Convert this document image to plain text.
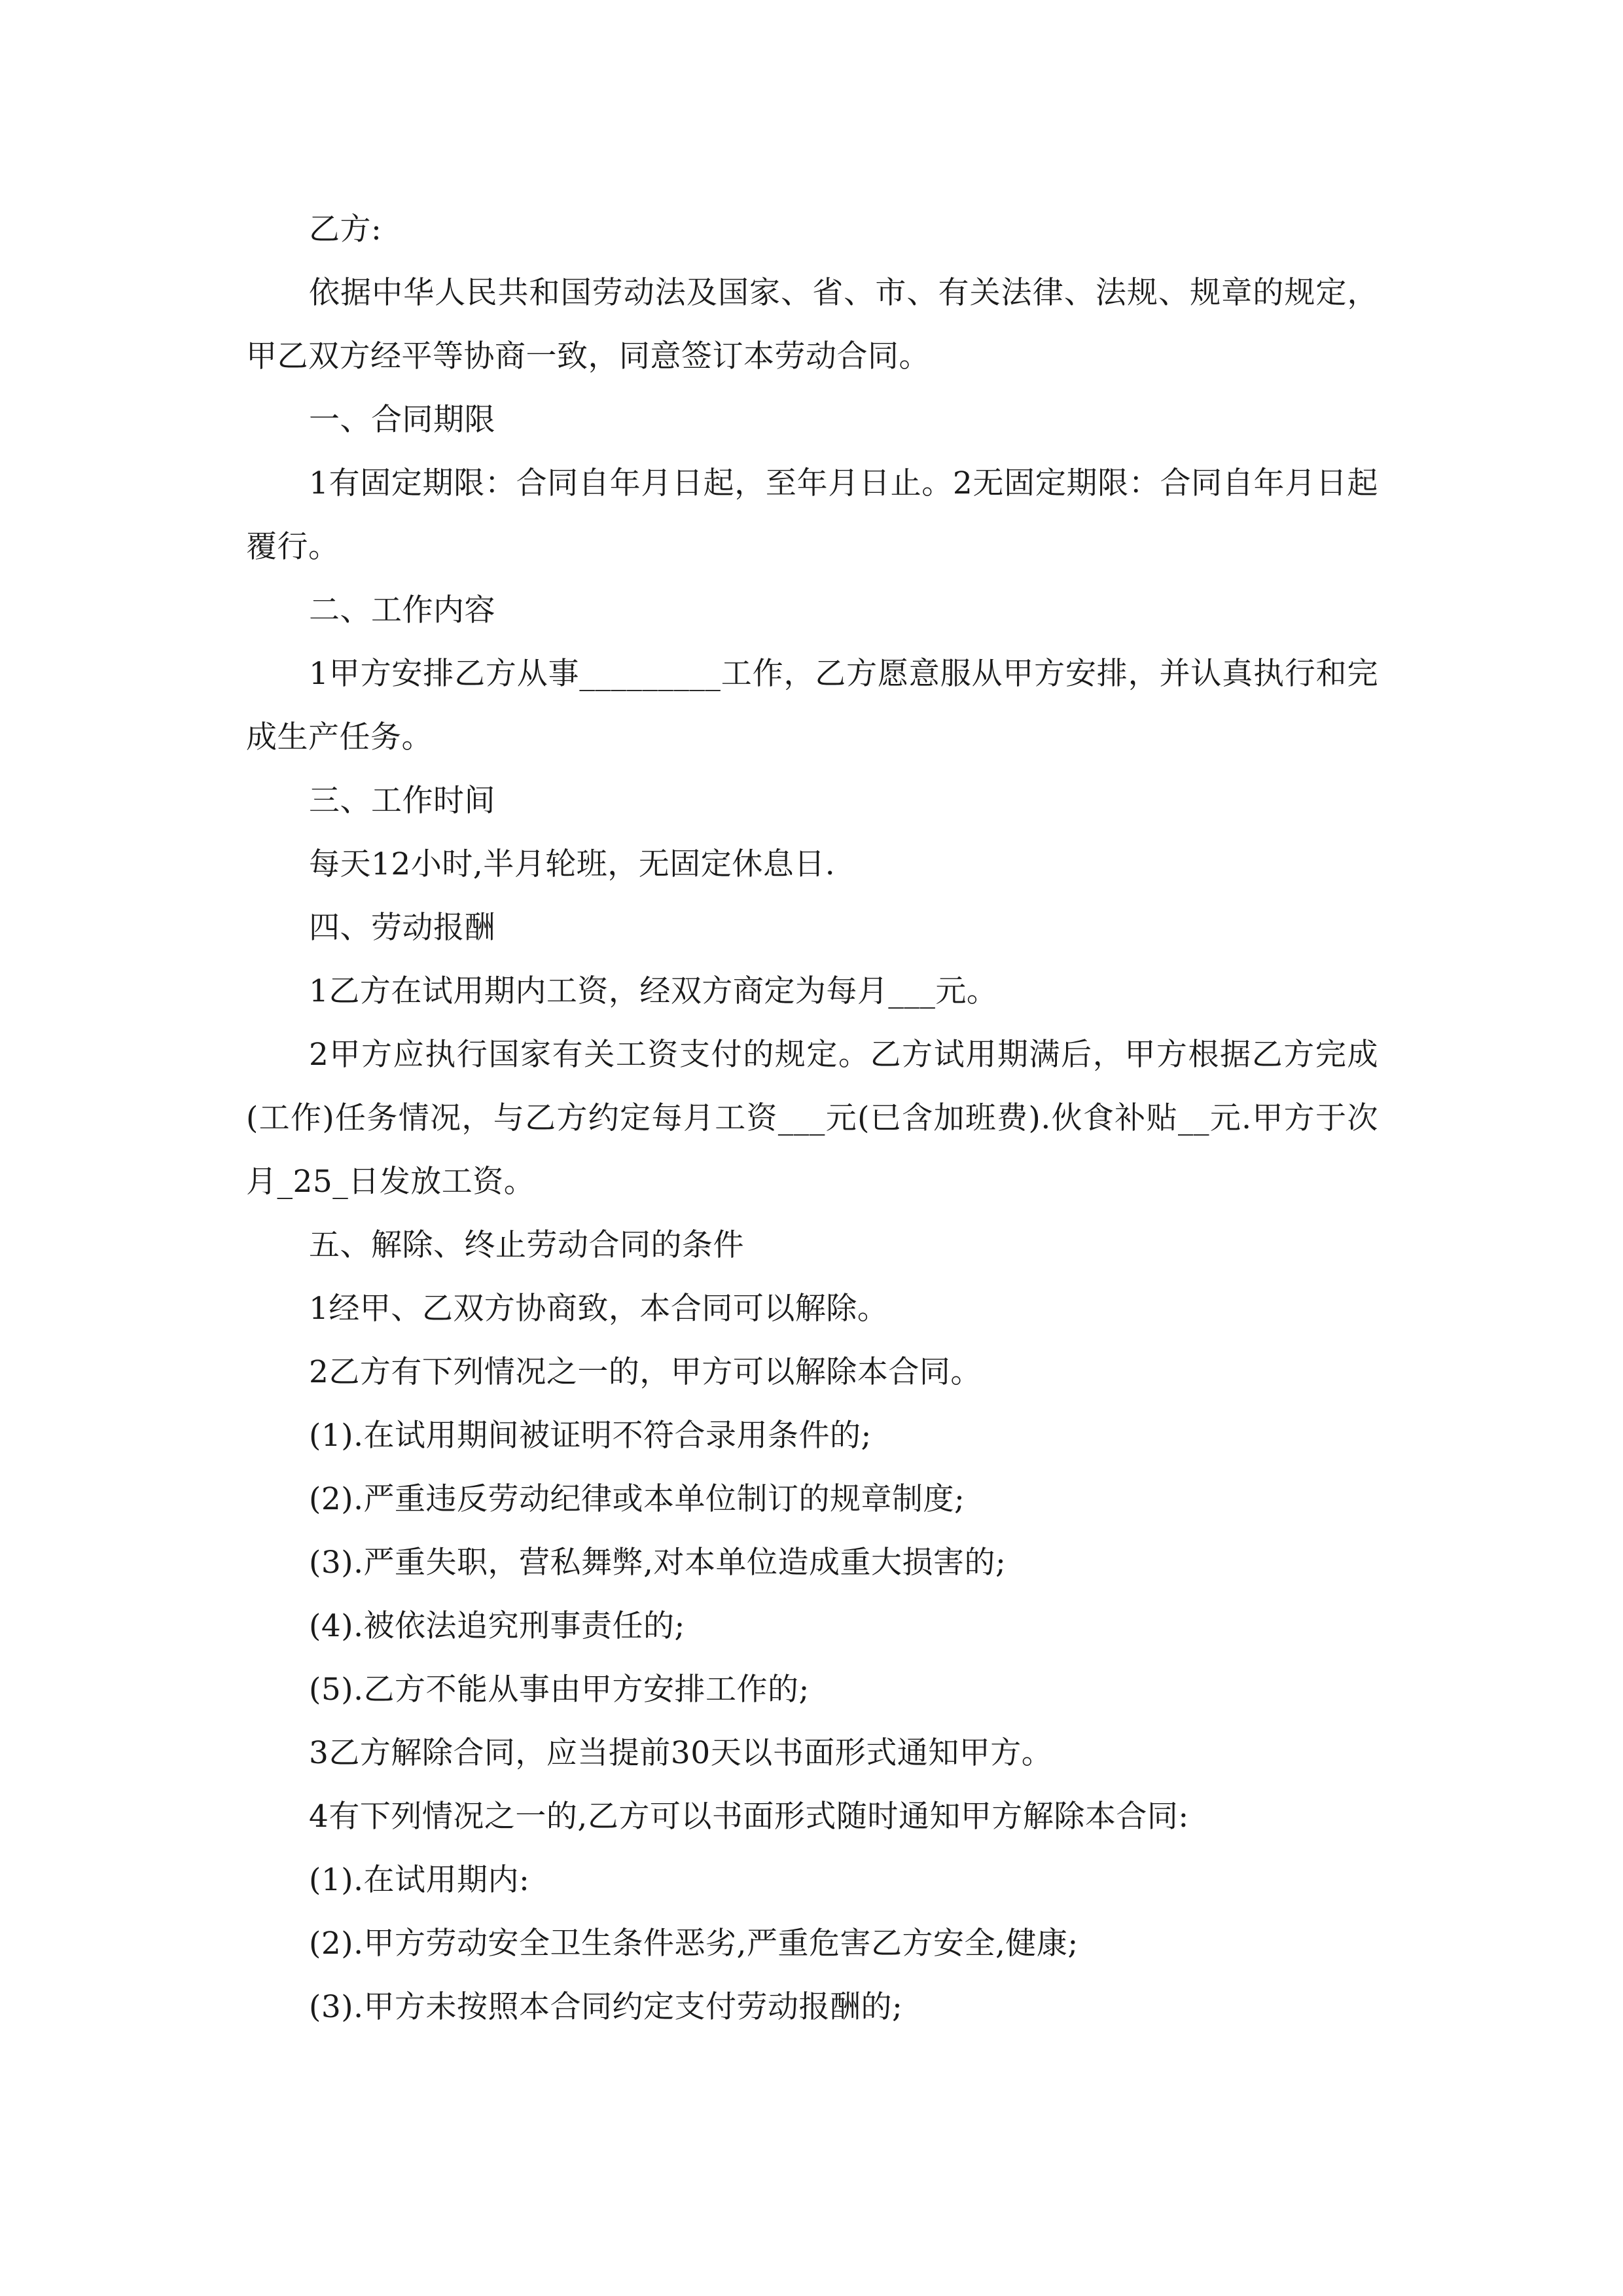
乙方:

依据中华人民共和国劳动法及国家、省、市、有关法律、法规、规章的规定，甲乙双方经平等协商一致，同意签订本劳动合同。

一、合同期限

1有固定期限：合同自年月日起，至年月日止。2无固定期限：合同自年月日起覆行。

二、工作内容

1甲方安排乙方从事_________工作，乙方愿意服从甲方安排，并认真执行和完成生产任务。

三、工作时间

每天12小时,半月轮班，无固定休息日.

四、劳动报酬

1乙方在试用期内工资，经双方商定为每月___元。

2甲方应执行国家有关工资支付的规定。乙方试用期满后，甲方根据乙方完成(工作)任务情况，与乙方约定每月工资___元(已含加班费).伙食补贴__元.甲方于次月_25_日发放工资。

五、解除、终止劳动合同的条件

1经甲、乙双方协商致，本合同可以解除。

2乙方有下列情况之一的，甲方可以解除本合同。

(1).在试用期间被证明不符合录用条件的;

(2).严重违反劳动纪律或本单位制订的规章制度;

(3).严重失职，营私舞弊,对本单位造成重大损害的;

(4).被依法追究刑事责任的;

(5).乙方不能从事由甲方安排工作的;

3乙方解除合同，应当提前30天以书面形式通知甲方。

4有下列情况之一的,乙方可以书面形式随时通知甲方解除本合同:

(1).在试用期内:

(2).甲方劳动安全卫生条件恶劣,严重危害乙方安全,健康;

(3).甲方未按照本合同约定支付劳动报酬的;
